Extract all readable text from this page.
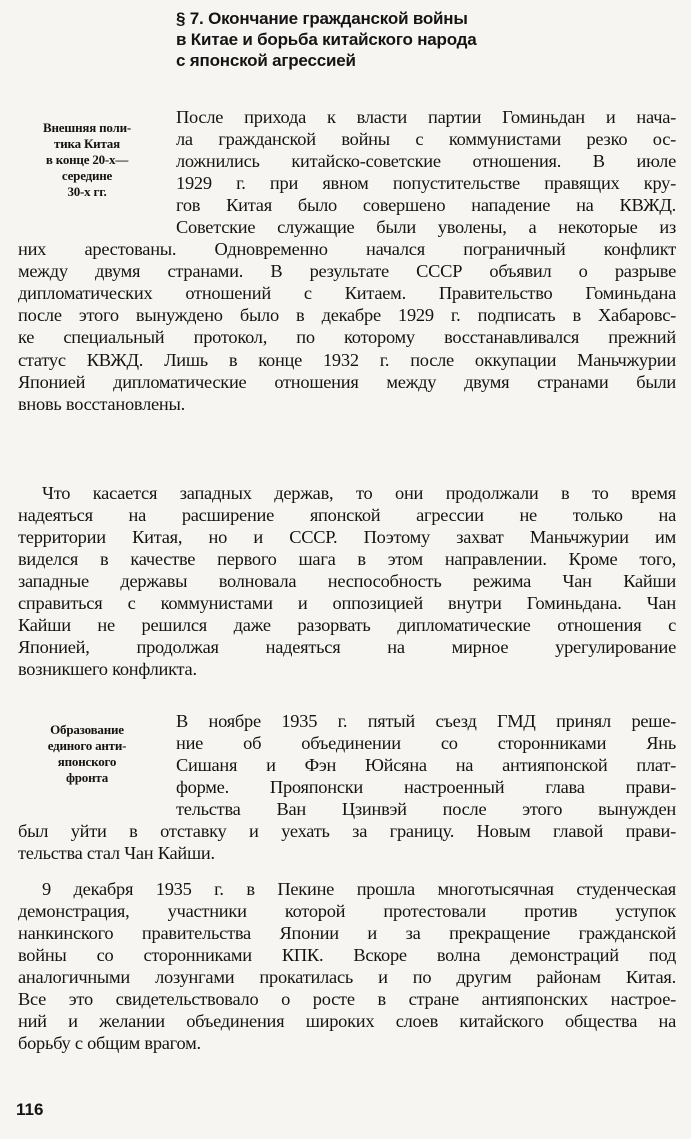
§ 7. Окончание гражданской войны
в Китае и борьба китайского народа
с японской агрессией
Внешняя поли-
тика Китая
в конце 20-х—
середине
30-х гг.
Образование
единого анти-
японского
фронта
После прихода к власти партии Гоминьдан и нача-
ла гражданской войны с коммунистами резко ос-
ложнились китайско-советские отношения. В июле
1929 г. при явном попустительстве правящих кру-
гов Китая было совершено нападение на КВЖД.
Советские служащие были уволены, а некоторые из
них арестованы. Одновременно начался пограничный конфликт
между двумя странами. В результате СССР объявил о разрыве
дипломатических отношений с Китаем. Правительство Гоминьдана
после этого вынуждено было в декабре 1929 г. подписать в Хабаровс-
ке специальный протокол, по которому восстанавливался прежний
статус КВЖД. Лишь в конце 1932 г. после оккупации Маньчжурии
Японией дипломатические отношения между двумя странами были
вновь восстановлены.
Что касается западных держав, то они продолжали в то время
надеяться на расширение японской агрессии не только на
территории Китая, но и СССР. Поэтому захват Маньчжурии им
виделся в качестве первого шага в этом направлении. Кроме того,
западные державы волновала неспособность режима Чан Кайши
справиться с коммунистами и оппозицией внутри Гоминьдана. Чан
Кайши не решился даже разорвать дипломатические отношения с
Японией, продолжая надеяться на мирное урегулирование
возникшего конфликта.
В ноябре 1935 г. пятый съезд ГМД принял реше-
ние об объединении со сторонниками Янь
Сишаня и Фэн Юйсяна на антияпонской плат-
форме. Прояпонски настроенный глава прави-
тельства Ван Цзинвэй после этого вынужден
был уйти в отставку и уехать за границу. Новым главой прави-
тельства стал Чан Кайши.
9 декабря 1935 г. в Пекине прошла многотысячная студенческая
демонстрация, участники которой протестовали против уступок
нанкинского правительства Японии и за прекращение гражданской
войны со сторонниками КПК. Вскоре волна демонстраций под
аналогичными лозунгами прокатилась и по другим районам Китая.
Все это свидетельствовало о росте в стране антияпонских настрое-
ний и желании объединения широких слоев китайского общества на
борьбу с общим врагом.
116
